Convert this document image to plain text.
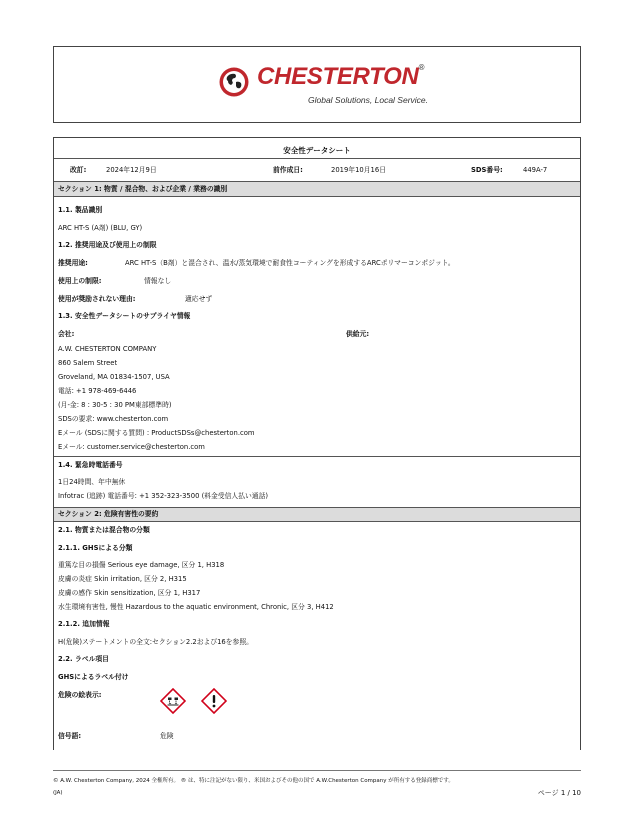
CHESTERTON®
Global Solutions, Local Service.
安全性データシート
改訂:	2024年12月9日	前作成日:	2019年10月16日	SDS番号:	449A-7
セクション 1: 物質 / 混合物、および企業 / 業務の識別
1.1. 製品識別
ARC HT-S (A剤) (BLU, GY)
1.2. 推奨用途及び使用上の制限
推奨用途:	ARC HT-S（B剤）と混合され、温水/蒸気環境で耐食性コーティングを形成するARCポリマーコンポジット。
使用上の制限:	情報なし
使用が奨励されない理由:	適応せず
1.3. 安全性データシートのサプライヤ情報
会社:	供給元:
A.W. CHESTERTON COMPANY
860 Salem Street
Groveland, MA 01834-1507, USA
電話: +1 978-469-6446
(月-金: 8 : 30-5 : 30 PM東部標準時)
SDSの要求: www.chesterton.com
Eメール (SDSに関する質問) : ProductSDSs@chesterton.com
Eメール: customer.service@chesterton.com
1.4. 緊急時電話番号
1日24時間、年中無休
Infotrac (追跡) 電話番号: +1 352-323-3500 (料金受信人払い通話)
セクション 2: 危険有害性の要約
2.1. 物質または混合物の分類
2.1.1. GHSによる分類
重篤な目の損傷 Serious eye damage, 区分 1, H318
皮膚の炎症 Skin irritation, 区分 2, H315
皮膚の感作 Skin sensitization, 区分 1, H317
水生環境有害性, 慢性 Hazardous to the aquatic environment, Chronic, 区分 3, H412
2.1.2. 追加情報
H(危険)ステートメントの全文:セクション2.2および16を参照。
2.2. ラベル項目
GHSによるラベル付け
危険の絵表示:
信号語:	危険
© A.W. Chesterton Company, 2024 全権所有。 ® は、特に注記がない限り、米国およびその他の国で A.W.Chesterton Company が所有する登録商標です。
(JA)	ページ 1 / 10
